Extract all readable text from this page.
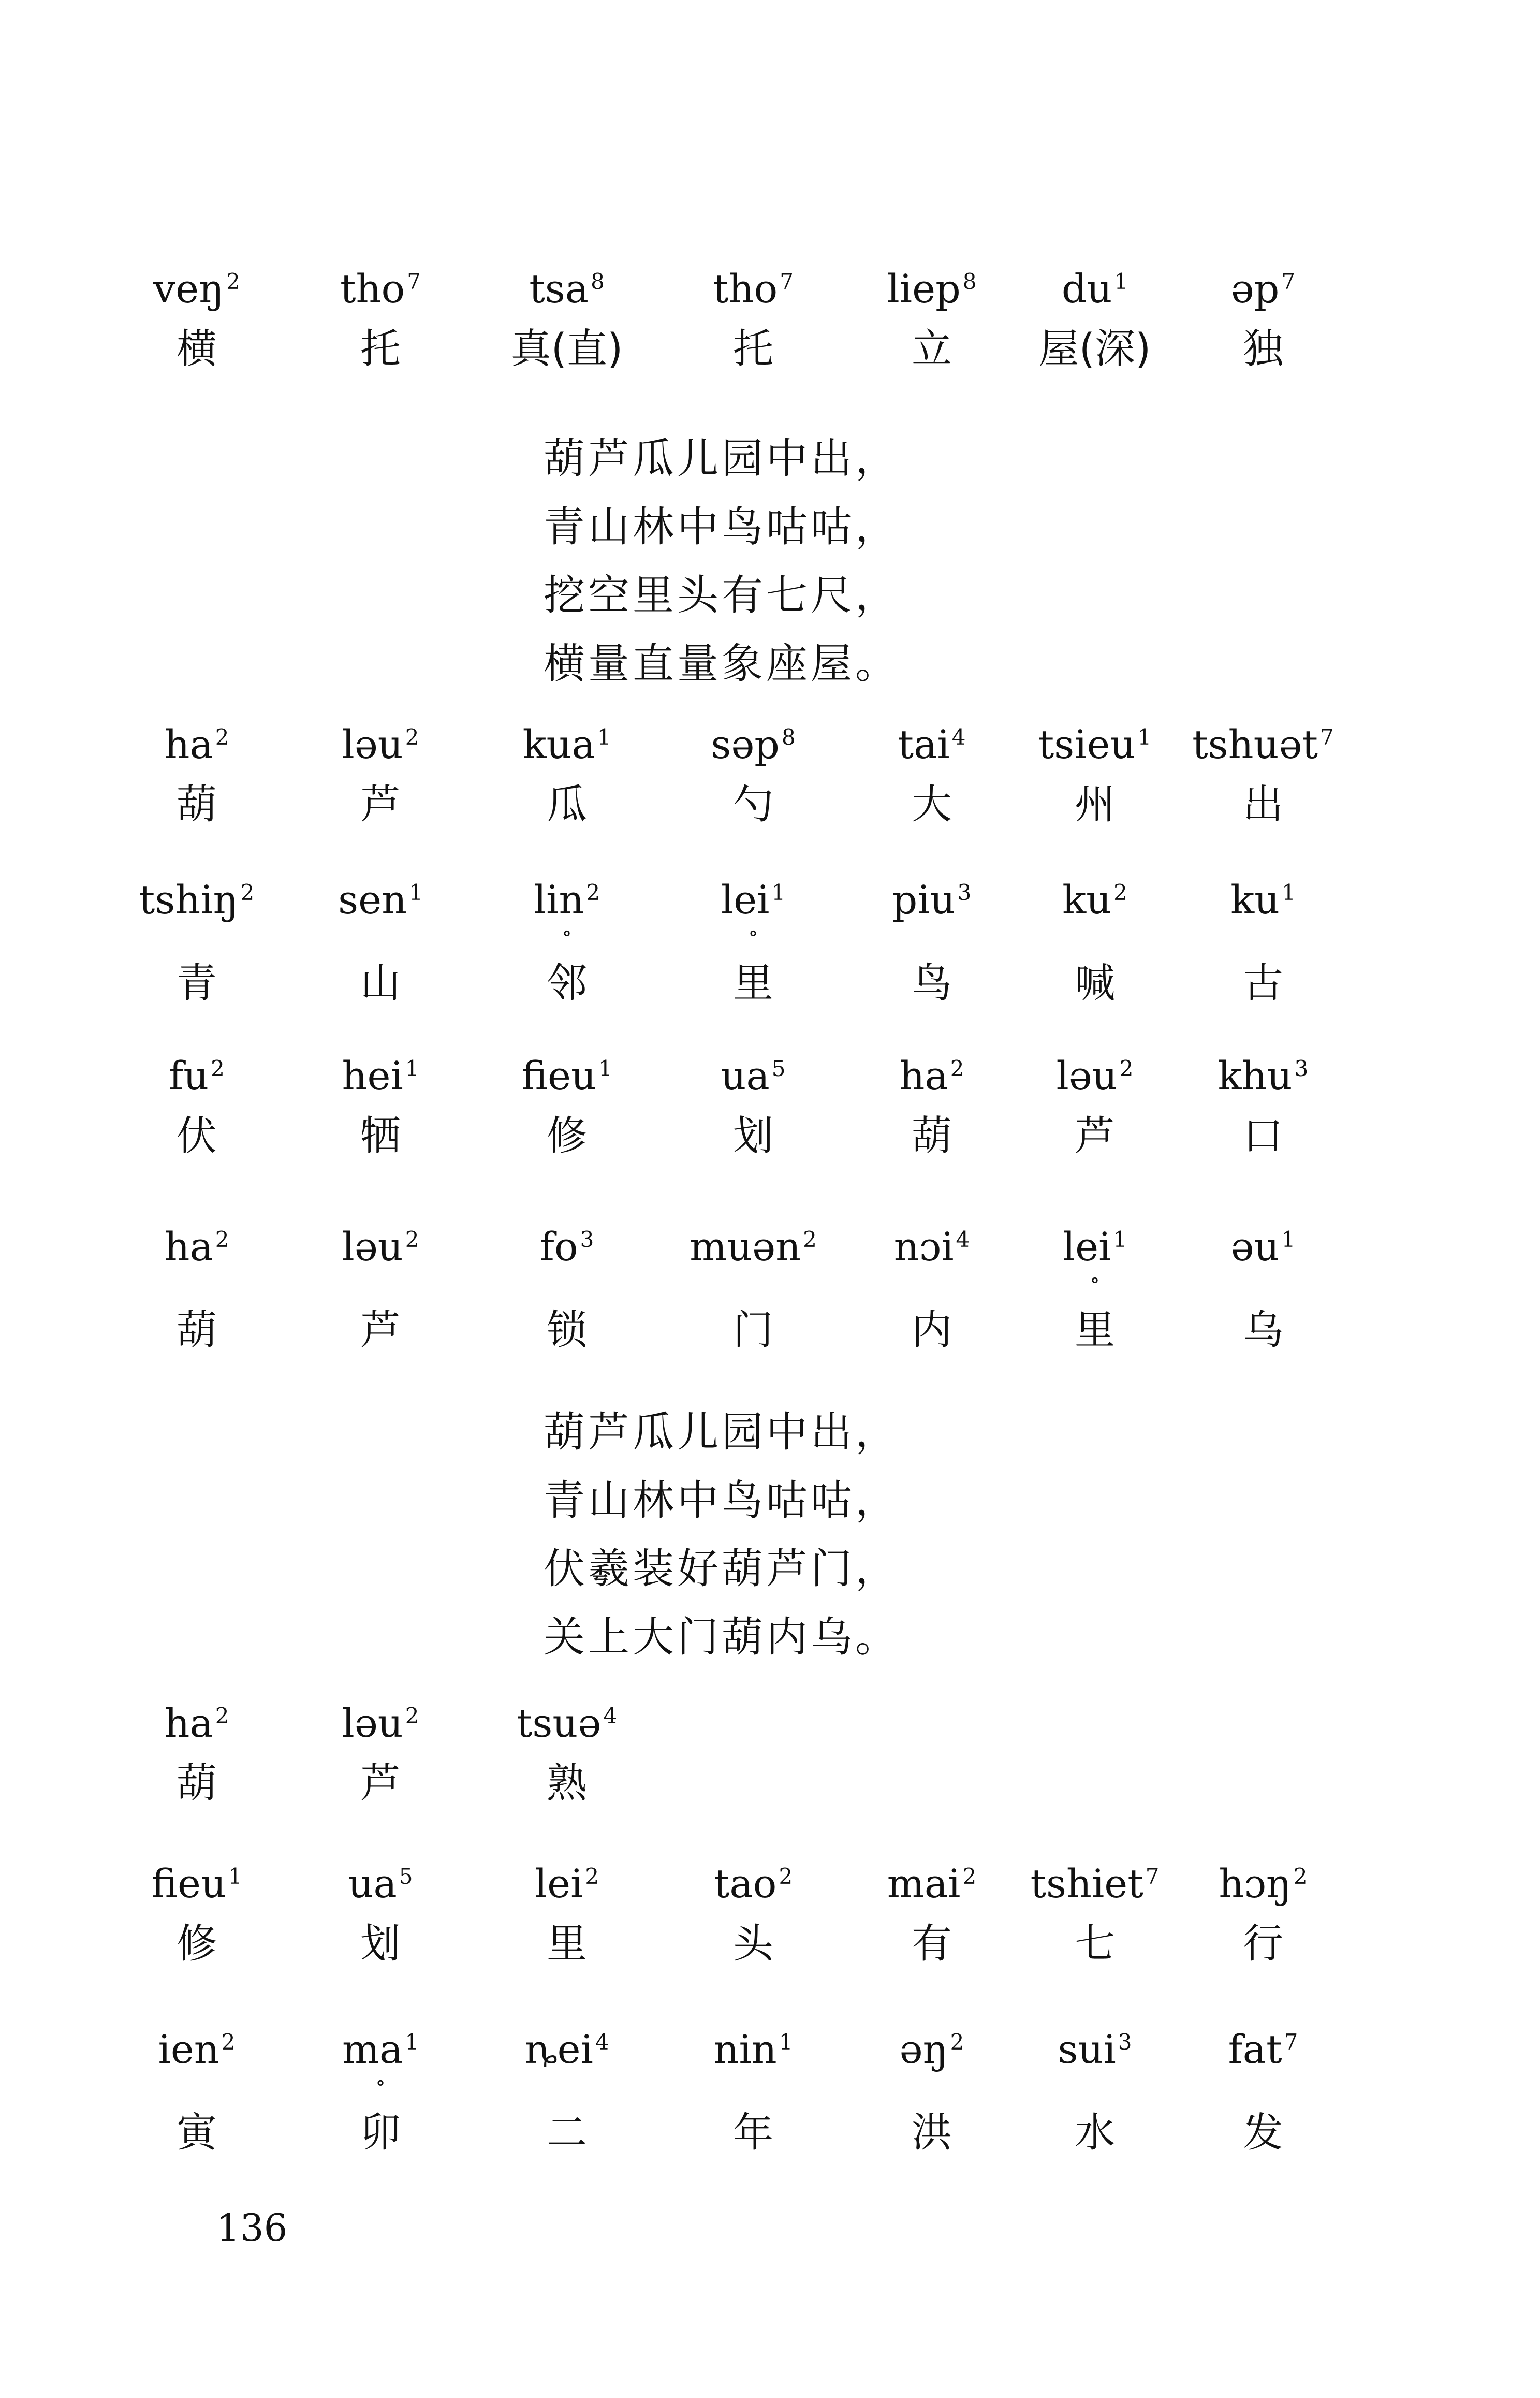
veŋ$^2$
横
tho$^7$
托
tsa$^8$
真(直)
tho$^7$
托
liep$^8$
立
$du^1$
屋(深)
əp$^7$
独
$ha^2$
葫
ləu$^2$
芦
kua$^1$
瓜
səp$^8$
勺
tai$^4$
大
tsieu$^1$
州
tshuət$^7$
出
tshiŋ$^2$
青
sen$^1$
山
lin$^2$
∘
邻
lei$^1$
∘
里
piu$^3$
鸟
$ku^2$
喊
$ku^1$
古
$fu^2$
伏
hei$^1$
牺
fieu$^1$
修
$ua^5$
划
$ha^2$
葫
ləu$^2$
芦
khu$^3$
口
$ha^2$
葫
ləu$^2$
芦
$fo^3$
锁
muən$^2$
门
nɔi$^4$
内
lei$^1$
∘
里
əu$^1$
乌
$ha^2$
葫
ləu$^2$
芦
tsuə$^4$
熟
fieu$^1$
修
$ua^5$
划
lei$^2$
里
tao$^2$
头
mai$^2$
有
tshiet$^7$
七
hɔŋ$^2$
行
ien$^2$
寅
$ma^1$
∘
卯
ȵei$^4$
二
nin$^1$
年
əŋ$^2$
洪
sui$^3$
水
fat$^7$
发
葫芦瓜儿园中出，
青山林中鸟咕咕，
挖空里头有七尺，
横量直量象座屋。
葫芦瓜儿园中出，
青山林中鸟咕咕，
伏羲装好葫芦门，
关上大门葫内乌。
136
